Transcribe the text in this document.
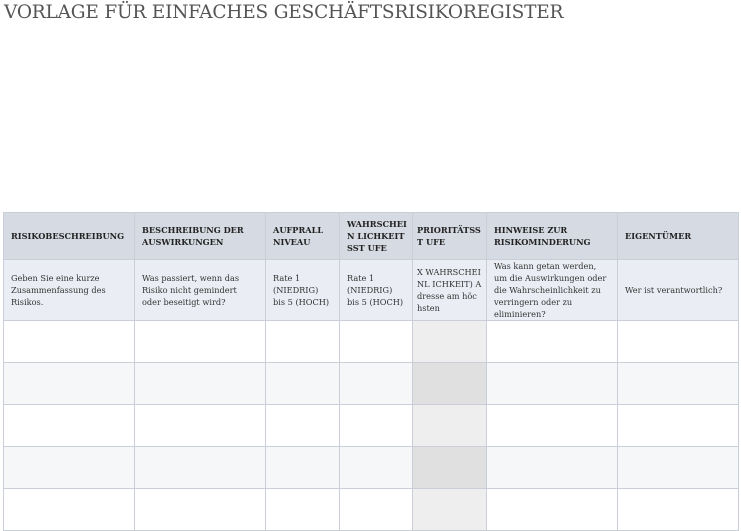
VORLAGE FÜR EINFACHES GESCHÄFTSRISIKOREGISTER
RISIKOBESCHREIBUNG	BESCHREIBUNG DER AUSWIRKUNGEN	AUFPRALL NIVEAU	WAHRSCHEIN LICHKEITSST UFE	PRIORITÄTSST UFE	HINWEISE ZUR RISIKOMINDERUNG	EIGENTÜMER
Geben Sie eine kurze Zusammenfassung des Risikos.	Was passiert, wenn das Risiko nicht gemindert oder beseitigt wird?	Rate 1 (NIEDRIG) bis 5 (HOCH)	Rate 1 (NIEDRIG) bis 5 (HOCH)	X WAHRSCHEINL ICHKEIT) Adresse am höchsten	Was kann getan werden, um die Auswirkungen oder die Wahrscheinlichkeit zu verringern oder zu eliminieren?	Wer ist verantwortlich?
